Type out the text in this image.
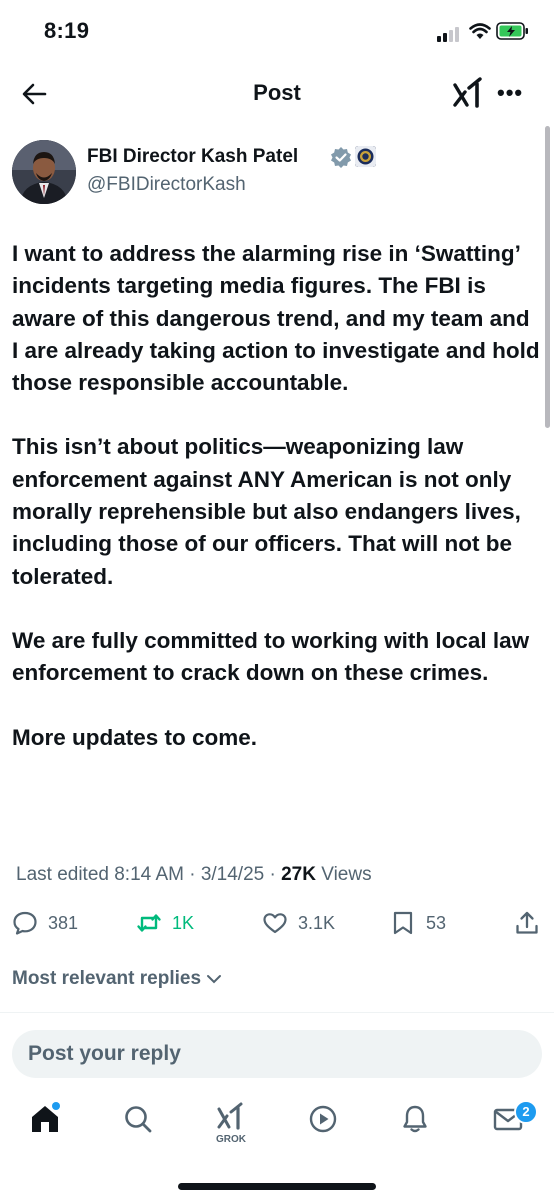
8:19
Post	•••
FBI Director Kash Patel
@FBIDirectorKash

I want to address the alarming rise in ‘Swatting’ incidents targeting media figures. The FBI is aware of this dangerous trend, and my team and I are already taking action to investigate and hold those responsible accountable.

This isn’t about politics—weaponizing law enforcement against ANY American is not only morally reprehensible but also endangers lives, including those of our officers. That will not be tolerated.

We are fully committed to working with local law enforcement to crack down on these crimes.

More updates to come.

Last edited 8:14 AM · 3/14/25 · 27K Views
381	1K	3.1K	53
Most relevant replies
Post your reply
GROK
2
